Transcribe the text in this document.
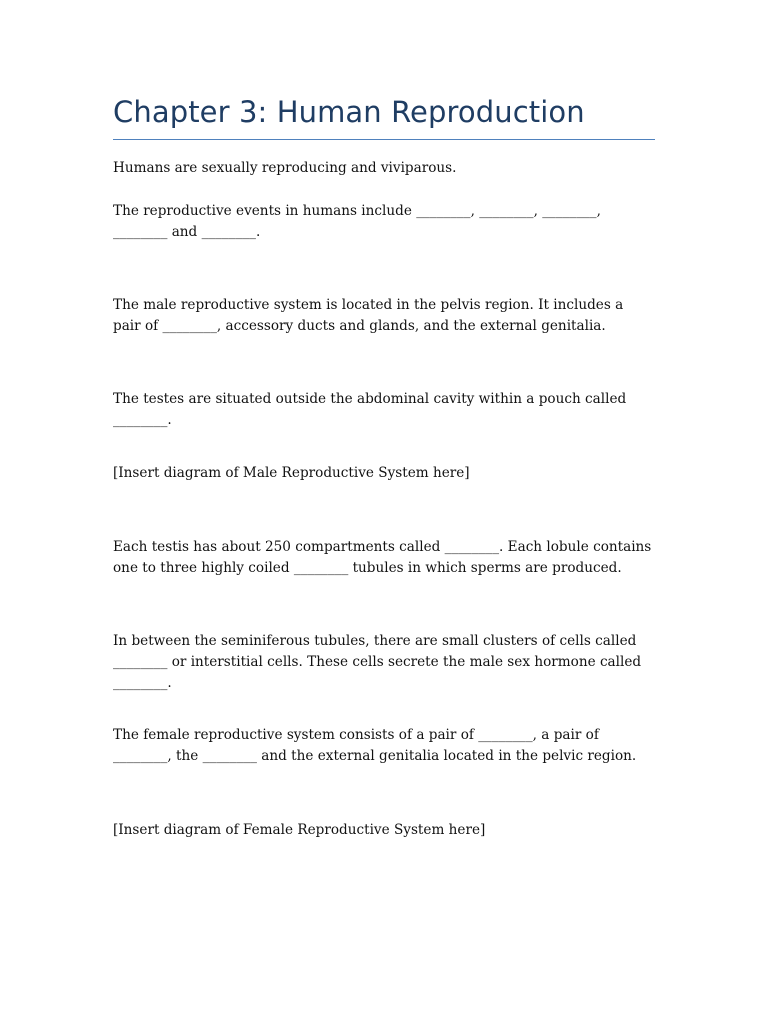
Chapter 3: Human Reproduction

Humans are sexually reproducing and viviparous.

The reproductive events in humans include ________, ________, ________, ________ and ________.

The male reproductive system is located in the pelvis region. It includes a pair of ________, accessory ducts and glands, and the external genitalia.

The testes are situated outside the abdominal cavity within a pouch called ________.

[Insert diagram of Male Reproductive System here]

Each testis has about 250 compartments called ________. Each lobule contains one to three highly coiled ________ tubules in which sperms are produced.

In between the seminiferous tubules, there are small clusters of cells called ________ or interstitial cells. These cells secrete the male sex hormone called ________.

The female reproductive system consists of a pair of ________, a pair of ________, the ________ and the external genitalia located in the pelvic region.

[Insert diagram of Female Reproductive System here]
